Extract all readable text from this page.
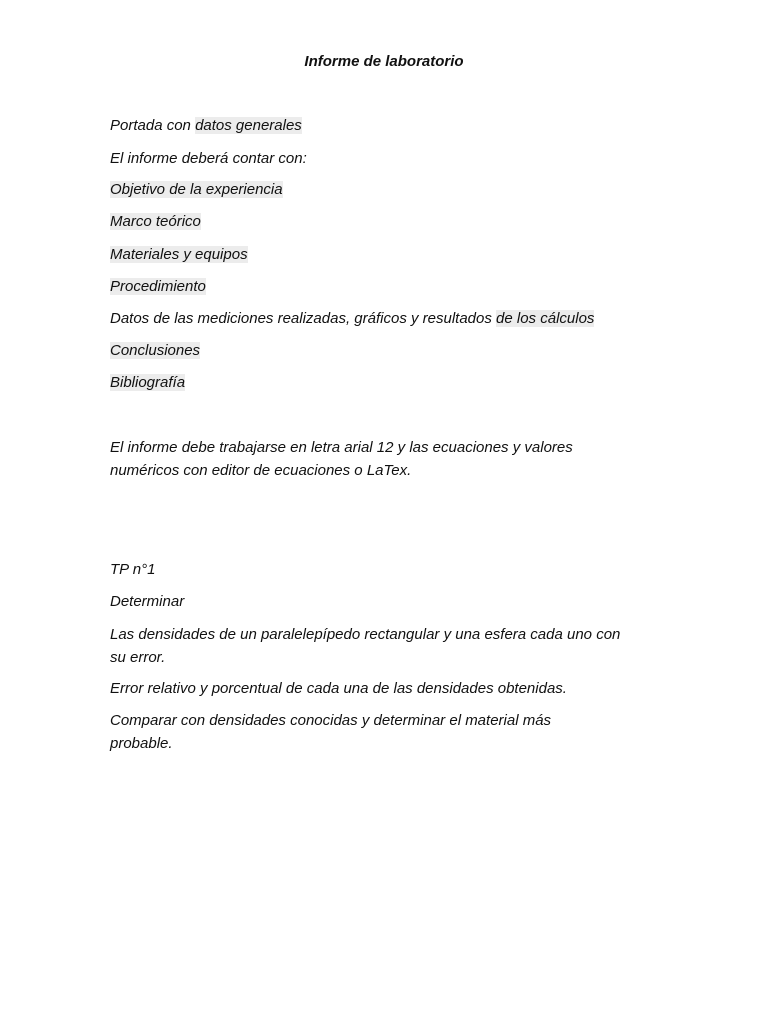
Informe de laboratorio
Portada con datos generales
El informe deberá contar con:
Objetivo de la experiencia
Marco teórico
Materiales y equipos
Procedimiento
Datos de las mediciones realizadas, gráficos y resultados de los cálculos
Conclusiones
Bibliografía
El informe debe trabajarse en letra arial 12 y las ecuaciones y valores numéricos con editor de ecuaciones o LaTex.
TP n°1
Determinar
Las densidades de un paralelepípedo rectangular y una esfera cada uno con su error.
Error relativo y porcentual de cada una de las densidades obtenidas.
Comparar con densidades conocidas y determinar el material más probable.
